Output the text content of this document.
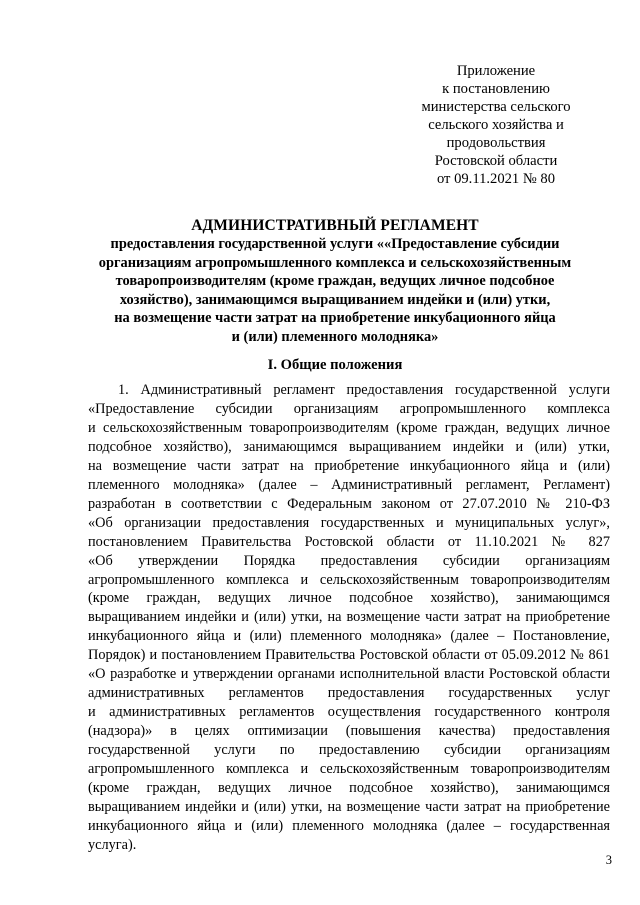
Приложение
к постановлению
министерства сельского
сельского хозяйства и
продовольствия
Ростовской области
от 09.11.2021 № 80
АДМИНИСТРАТИВНЫЙ РЕГЛАМЕНТ
предоставления государственной услуги ««Предоставление субсидии
организациям агропромышленного комплекса и сельскохозяйственным
товаропроизводителям (кроме граждан, ведущих личное подсобное
хозяйство), занимающимся выращиванием индейки и (или) утки,
на возмещение части затрат на приобретение инкубационного яйца
и (или) племенного молодняка»
I. Общие положения
1. Административный регламент предоставления государственной услуги
«Предоставление субсидии организациям агропромышленного комплекса
и сельскохозяйственным товаропроизводителям (кроме граждан, ведущих личное
подсобное хозяйство), занимающимся выращиванием индейки и (или) утки,
на возмещение части затрат на приобретение инкубационного яйца и (или)
племенного молодняка» (далее – Административный регламент, Регламент)
разработан в соответствии с Федеральным законом от 27.07.2010 № 210-ФЗ
«Об организации предоставления государственных и муниципальных услуг»,
постановлением Правительства Ростовской области от 11.10.2021 № 827
«Об утверждении Порядка предоставления субсидии организациям
агропромышленного комплекса и сельскохозяйственным товаропроизводителям
(кроме граждан, ведущих личное подсобное хозяйство), занимающимся
выращиванием индейки и (или) утки, на возмещение части затрат на приобретение
инкубационного яйца и (или) племенного молодняка» (далее – Постановление,
Порядок) и постановлением Правительства Ростовской области от 05.09.2012 № 861
«О разработке и утверждении органами исполнительной власти Ростовской области
административных регламентов предоставления государственных услуг
и административных регламентов осуществления государственного контроля
(надзора)» в целях оптимизации (повышения качества) предоставления
государственной услуги по предоставлению субсидии организациям
агропромышленного комплекса и сельскохозяйственным товаропроизводителям
(кроме граждан, ведущих личное подсобное хозяйство), занимающимся
выращиванием индейки и (или) утки, на возмещение части затрат на приобретение
инкубационного яйца и (или) племенного молодняка (далее – государственная
услуга).
3
